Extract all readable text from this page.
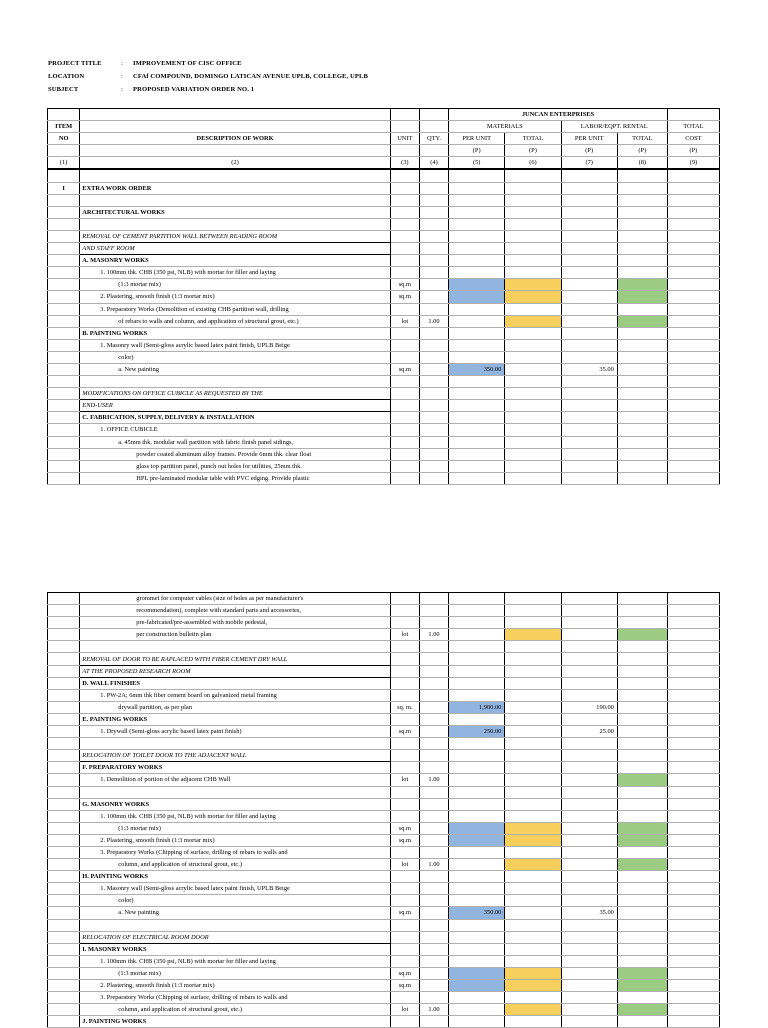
PROJECT TITLE	: IMPROVEMENT OF CISC OFFICE
LOCATION	: CFAf COMPOUND, DOMINGO LATICAN AVENUE UPLB, COLLEGE, UPLB
SUBJECT	: PROPOSED VARIATION ORDER NO. 1
				JUNCAN ENTERPRISES				
ITEM				MATERIALS		LABOR/EQPT. RENTAL		TOTAL
NO	DESCRIPTION OF WORK	UNIT	QTY.	PER UNIT	TOTAL	PER UNIT	TOTAL	COST
				(P)	(P)	(P)	(P)	(P)
(1)	(2)	(3)	(4)	(5)	(6)	(7)	(8)	(9)

I	EXTRA WORK ORDER							

	ARCHITECTURAL WORKS							

	REMOVAL OF CEMENT PARTITION WALL BETWEEN READING ROOM							
	AND STAFF ROOM							
	A. MASONRY WORKS							
	1. 100mm thk. CHB (350 psi, NLB) with mortar for filler and laying							
	(1:3 mortar mix)	sq.m						
	2. Plastering, smooth finish (1:3 mortar mix)	sq.m						
	3. Preparatory Works (Demolition of existing CHB partition wall, drilling							
	of rebars to walls and column, and application of structural grout, etc.)	lot	1.00					
	B. PAINTING WORKS							
	1. Masonry wall (Semi-gloss acrylic based latex paint finish, UPLB Beige							
	color)							
	a. New painting	sq.m		350.00		35.00		

	MODIFICATIONS ON OFFICE CUBICLE AS REQUESTED BY THE							
	END-USER							
	C. FABRICATION, SUPPLY, DELIVERY & INSTALLATION							
	1. OFFICE CUBICLE							
	a. 45mm thk. modular wall partition with fabric finish panel sidings,							
	powder coated aluminum alloy frames. Provide 6mm thk. clear float							
	glass top partition panel, punch out holes for utilities, 25mm thk.							
	HPL pre-laminated modular table with PVC edging. Provide plastic							
	grommet for computer cables (size of holes as per manufacturer's							
	recommendation), complete with standard parts and accessories,							
	pre-fabricated/pre-assembled with mobile pedestal,							
	per construction bulletin plan	lot	1.00					

	REMOVAL OF DOOR TO BE RAPLACED WITH FIBER CEMENT DRY WALL							
	AT THE PROPOSED RESEARCH ROOM							
	D. WALL FINISHES							
	1. PW-2A; 6mm thk fiber cement board on galvanized metal framing							
	drywall partition, as per plan	sq. m.		1,900.00		190.00		
	E. PAINTING WORKS							
	1. Drywall (Semi-gloss acrylic based latex paint finish)	sq.m		250.00		25.00		

	RELOCATION OF TOILET DOOR TO THE ADJACENT WALL							
	F. PREPARATORY WORKS							
	1. Demolition of portion of the adjacent CHB Wall	lot	1.00					

	G. MASONRY WORKS							
	1. 100mm thk. CHB (350 psi, NLB) with mortar for filler and laying							
	(1:3 mortar mix)	sq.m						
	2. Plastering, smooth finish (1:3 mortar mix)	sq.m						
	3. Preparatory Works (Chipping of surface, drilling of rebars to walls and							
	column, and application of structural grout, etc.)	lot	1.00					
	H. PAINTING WORKS							
	1. Masonry wall (Semi-gloss acrylic based latex paint finish, UPLB Beige							
	color)							
	a. New painting	sq.m		350.00		35.00		

	RELOCATION OF ELECTRICAL ROOM DOOR							
	I. MASONRY WORKS							
	1. 100mm thk. CHB (350 psi, NLB) with mortar for filler and laying							
	(1:3 mortar mix)	sq.m						
	2. Plastering, smooth finish (1:3 mortar mix)	sq.m						
	3. Preparatory Works (Chipping of surface, drilling of rebars to walls and							
	column, and application of structural grout, etc.)	lot	1.00					
	J. PAINTING WORKS							
